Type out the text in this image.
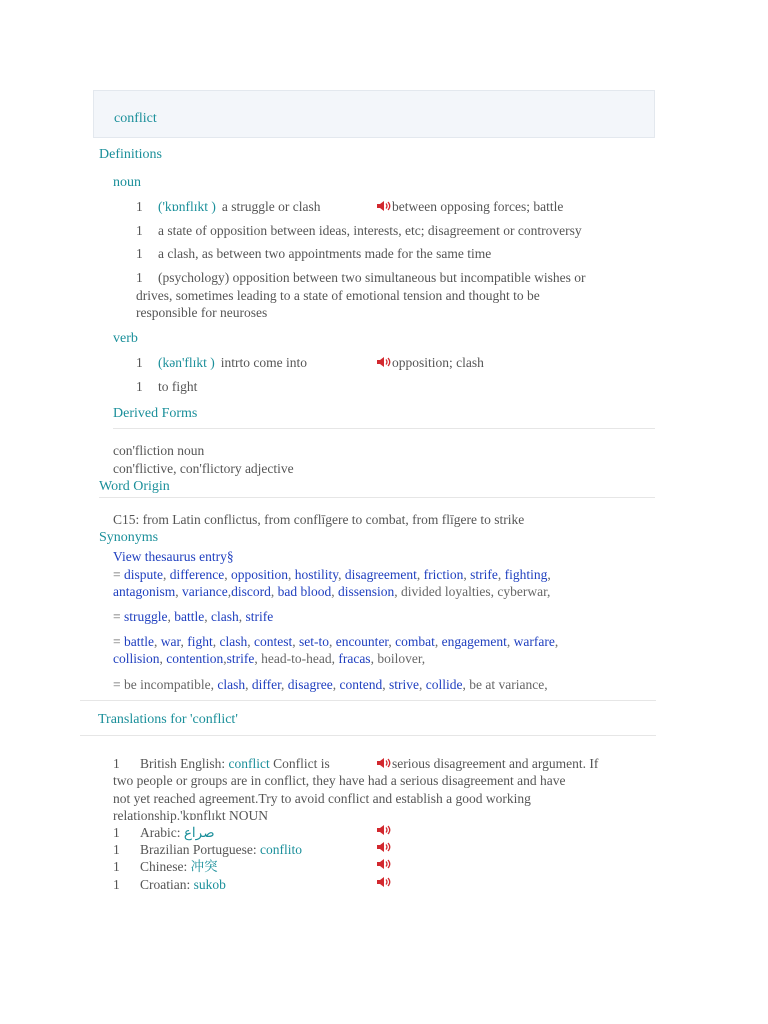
conflict
Definitions
noun
1 ('kɒnflɪkt ) a struggle or clash	between opposing forces; battle
1 a state of opposition between ideas, interests, etc; disagreement or controversy
1 a clash, as between two appointments made for the same time
1 (psychology) opposition between two simultaneous but incompatible wishes or
drives, sometimes leading to a state of emotional tension and thought to be
responsible for neuroses
verb
1 (kən'flɪkt ) intrto come into	opposition; clash
1 to fight
Derived Forms
con'fliction noun
con'flictive, con'flictory adjective
Word Origin
C15: from Latin conflictus, from conflīgere to combat, from flīgere to strike
Synonyms
View thesaurus entry§
= dispute, difference, opposition, hostility, disagreement, friction, strife, fighting,
antagonism, variance,discord, bad blood, dissension, divided loyalties, cyberwar,
= struggle, battle, clash, strife
= battle, war, fight, clash, contest, set-to, encounter, combat, engagement, warfare,
collision, contention,strife, head-to-head, fracas, boilover,
= be incompatible, clash, differ, disagree, contend, strive, collide, be at variance,
Translations for 'conflict'
1 British English: conflict Conflict is	serious disagreement and argument. If
two people or groups are in conflict, they have had a serious disagreement and have
not yet reached agreement.Try to avoid conflict and establish a good working
relationship.'kɒnflɪkt NOUN
1 Arabic: صراع
1 Brazilian Portuguese: conflito
1 Chinese: 冲突
1 Croatian: sukob
